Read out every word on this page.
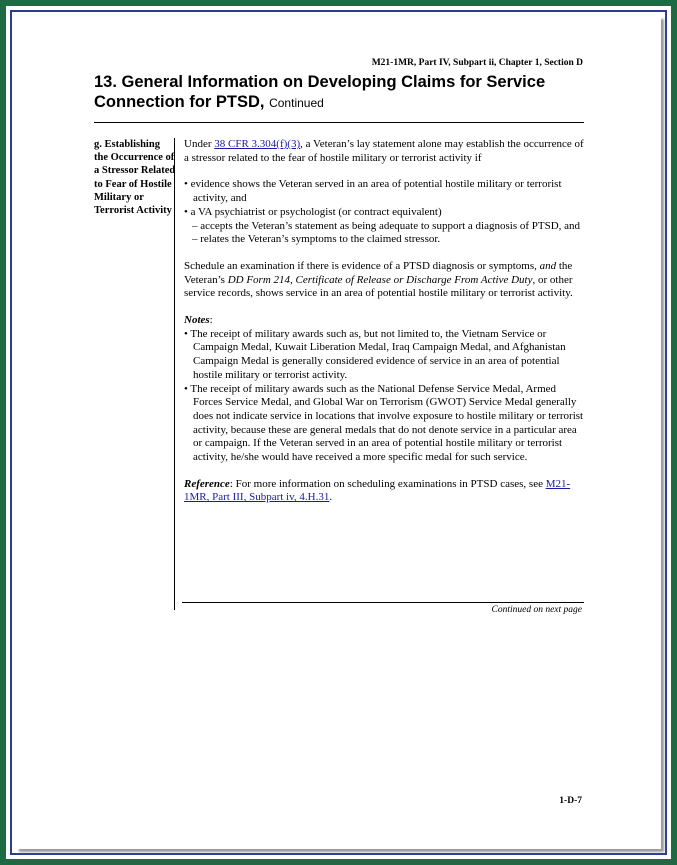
M21-1MR, Part IV, Subpart ii, Chapter 1, Section D
13. General Information on Developing Claims for Service Connection for PTSD, Continued
g. Establishing the Occurrence of a Stressor Related to Fear of Hostile Military or Terrorist Activity

Under 38 CFR 3.304(f)(3), a Veteran’s lay statement alone may establish the occurrence of a stressor related to the fear of hostile military or terrorist activity if

• evidence shows the Veteran served in an area of potential hostile military or terrorist activity, and

• a VA psychiatrist or psychologist (or contract equivalent)

– accepts the Veteran’s statement as being adequate to support a diagnosis of PTSD, and

– relates the Veteran’s symptoms to the claimed stressor.

Schedule an examination if there is evidence of a PTSD diagnosis or symptoms, and the Veteran’s DD Form 214, Certificate of Release or Discharge From Active Duty, or other service records, shows service in an area of potential hostile military or terrorist activity.

Notes:

• The receipt of military awards such as, but not limited to, the Vietnam Service or Campaign Medal, Kuwait Liberation Medal, Iraq Campaign Medal, and Afghanistan Campaign Medal is generally considered evidence of service in an area of potential hostile military or terrorist activity.

• The receipt of military awards such as the National Defense Service Medal, Armed Forces Service Medal, and Global War on Terrorism (GWOT) Service Medal generally does not indicate service in locations that involve exposure to hostile military or terrorist activity, because these are general medals that do not denote service in a particular area or campaign. If the Veteran served in an area of potential hostile military or terrorist activity, he/she would have received a more specific medal for such service.

Reference: For more information on scheduling examinations in PTSD cases, see M21-1MR, Part III, Subpart iv, 4.H.31.

Continued on next page
1-D-7
